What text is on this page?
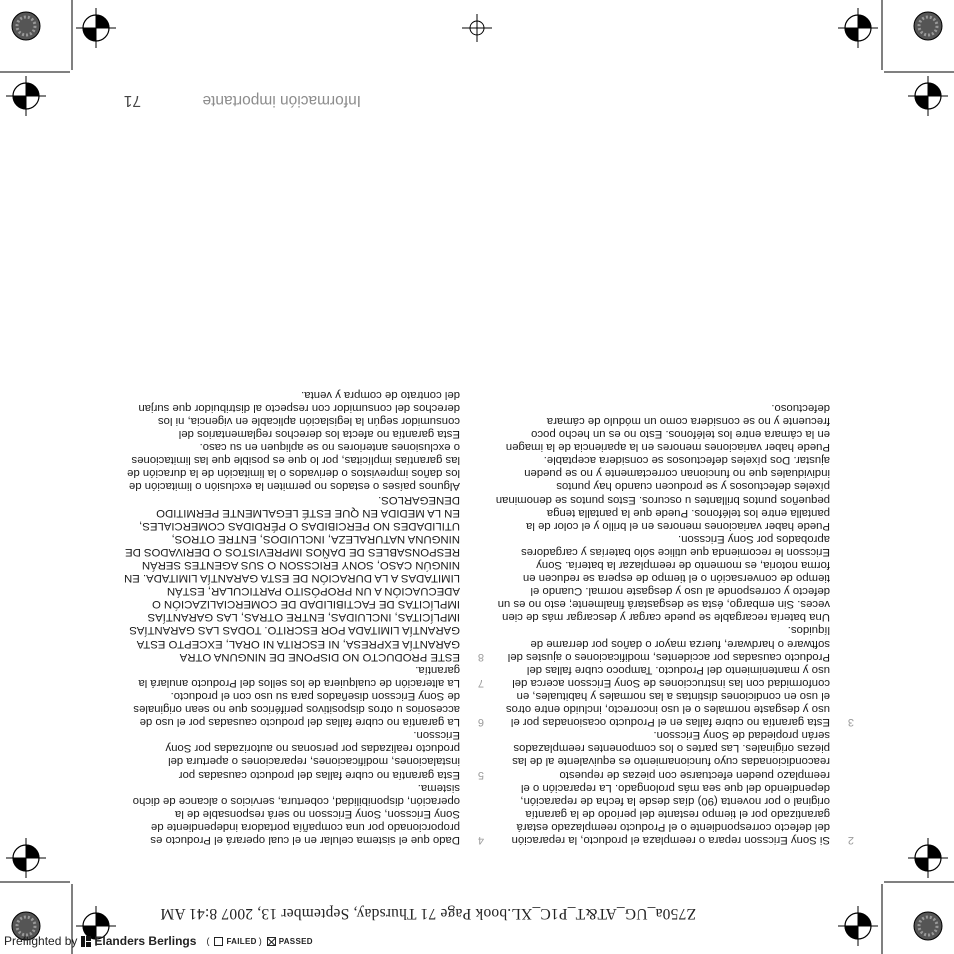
Z750a_UG_AT&T_P1C_XL.book Page 71 Thursday, September 13, 2007 8:41 AM
2
Si Sony Ericsson repara o reemplaza el producto, la reparación del defecto correspondiente o el Producto reemplazado estará garantizado por el tiempo restante del período de la garantía original o por noventa (90) días desde la fecha de reparación, dependiendo del que sea más prolongado. La reparación o el reemplazo pueden efectuarse con piezas de repuesto reacondicionadas cuyo funcionamiento es equivalente al de las piezas originales. Las partes o los componentes reemplazados serán propiedad de Sony Ericsson.
3
Esta garantía no cubre fallas en el Producto ocasionadas por el uso y desgaste normales o el uso incorrecto, incluido entre otros el uso en condiciones distintas a las normales y habituales, en conformidad con las instrucciones de Sony Ericsson acerca del uso y mantenimiento del Producto. Tampoco cubre fallas del Producto causadas por accidentes, modificaciones o ajustes del software o hardware, fuerza mayor o daños por derrame de líquidos.
Una batería recargable se puede cargar y descargar más de cien veces. Sin embargo, ésta se desgastará finalmente; esto no es un defecto y corresponde al uso y desgaste normal. Cuando el tiempo de conversación o el tiempo de espera se reducen en forma notoria, es momento de reemplazar la batería. Sony Ericsson le recomienda que utilice sólo baterías y cargadores aprobados por Sony Ericsson.
Puede haber variaciones menores en el brillo y el color de la pantalla entre los teléfonos. Puede que la pantalla tenga pequeños puntos brillantes u oscuros. Estos puntos se denominan píxeles defectuosos y se producen cuando hay puntos individuales que no funcionan correctamente y no se pueden ajustar. Dos píxeles defectuosos se considera aceptable.
Puede haber variaciones menores en la apariencia de la imagen en la cámara entre los teléfonos. Esto no es un hecho poco frecuente y no se considera como un módulo de cámara defectuoso.
4
Dado que el sistema celular en el cual operará el Producto es proporcionado por una compañía portadora independiente de Sony Ericsson, Sony Ericsson no será responsable de la operación, disponibilidad, cobertura, servicios o alcance de dicho sistema.
5
Esta garantía no cubre fallas del producto causadas por instalaciones, modificaciones, reparaciones o apertura del producto realizadas por personas no autorizadas por Sony Ericsson.
6
La garantía no cubre fallas del producto causadas por el uso de accesorios u otros dispositivos periféricos que no sean originales de Sony Ericsson diseñados para su uso con el producto.
7
La alteración de cualquiera de los sellos del Producto anulará la garantía.
8
ESTE PRODUCTO NO DISPONE DE NINGUNA OTRA GARANTÍA EXPRESA, NI ESCRITA NI ORAL, EXCEPTO ESTA GARANTÍA LIMITADA POR ESCRITO. TODAS LAS GARANTÍAS IMPLÍCITAS, INCLUIDAS, ENTRE OTRAS, LAS GARANTÍAS IMPLÍCITAS DE FACTIBILIDAD DE COMERCIALIZACIÓN O ADECUACIÓN A UN PROPÓSITO PARTICULAR, ESTÁN LIMITADAS A LA DURACIÓN DE ESTA GARANTÍA LIMITADA. EN NINGÚN CASO, SONY ERICSSON O SUS AGENTES SERÁN RESPONSABLES DE DAÑOS IMPREVISTOS O DERIVADOS DE NINGUNA NATURALEZA, INCLUIDOS, ENTRE OTROS, UTILIDADES NO PERCIBIDAS O PÉRDIDAS COMERCIALES, EN LA MEDIDA EN QUE ESTÉ LEGALMENTE PERMITIDO DENEGARLOS.
Algunos países o estados no permiten la exclusión o limitación de los daños imprevistos o derivados o la limitación de la duración de las garantías implícitas, por lo que es posible que las limitaciones o exclusiones anteriores no se apliquen en su caso.
Esta garantía no afecta los derechos reglamentarios del consumidor según la legislación aplicable en vigencia, ni los derechos del consumidor con respecto al distribuidor que surjan del contrato de compra y venta.
Información importante
71
Preflighted by Elanders Berlings ( FAILED ) PASSED
